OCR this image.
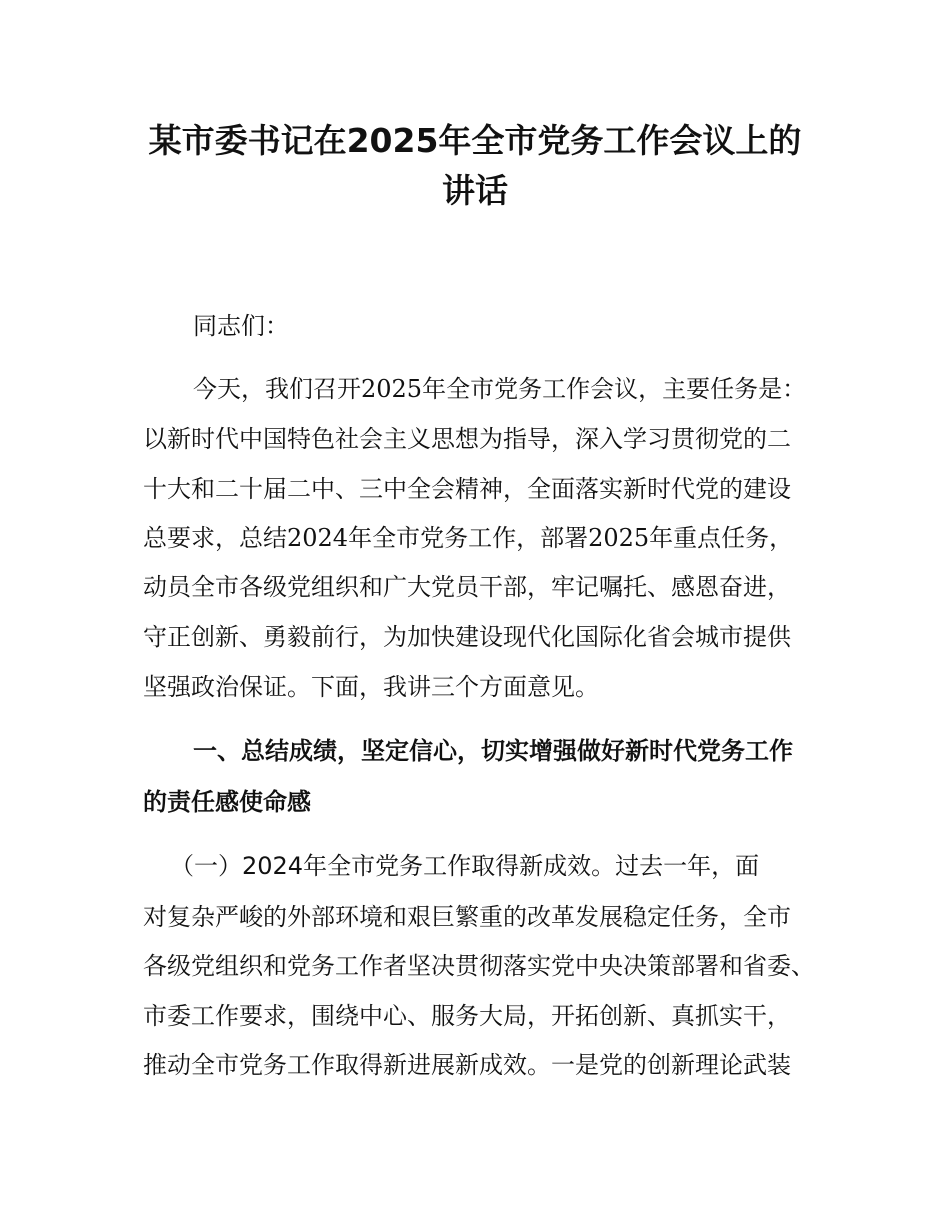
某市委书记在2025年全市党务工作会议上的
讲话
同志们：
今天，我们召开2025年全市党务工作会议，主要任务是：
以新时代中国特色社会主义思想为指导，深入学习贯彻党的二
十大和二十届二中、三中全会精神，全面落实新时代党的建设
总要求，总结2024年全市党务工作，部署2025年重点任务，
动员全市各级党组织和广大党员干部，牢记嘱托、感恩奋进，
守正创新、勇毅前行，为加快建设现代化国际化省会城市提供
坚强政治保证。下面，我讲三个方面意见。
一、总结成绩，坚定信心，切实增强做好新时代党务工作
的责任感使命感
（一）2024年全市党务工作取得新成效。过去一年，面
对复杂严峻的外部环境和艰巨繁重的改革发展稳定任务，全市
各级党组织和党务工作者坚决贯彻落实党中央决策部署和省委、
市委工作要求，围绕中心、服务大局，开拓创新、真抓实干，
推动全市党务工作取得新进展新成效。一是党的创新理论武装
